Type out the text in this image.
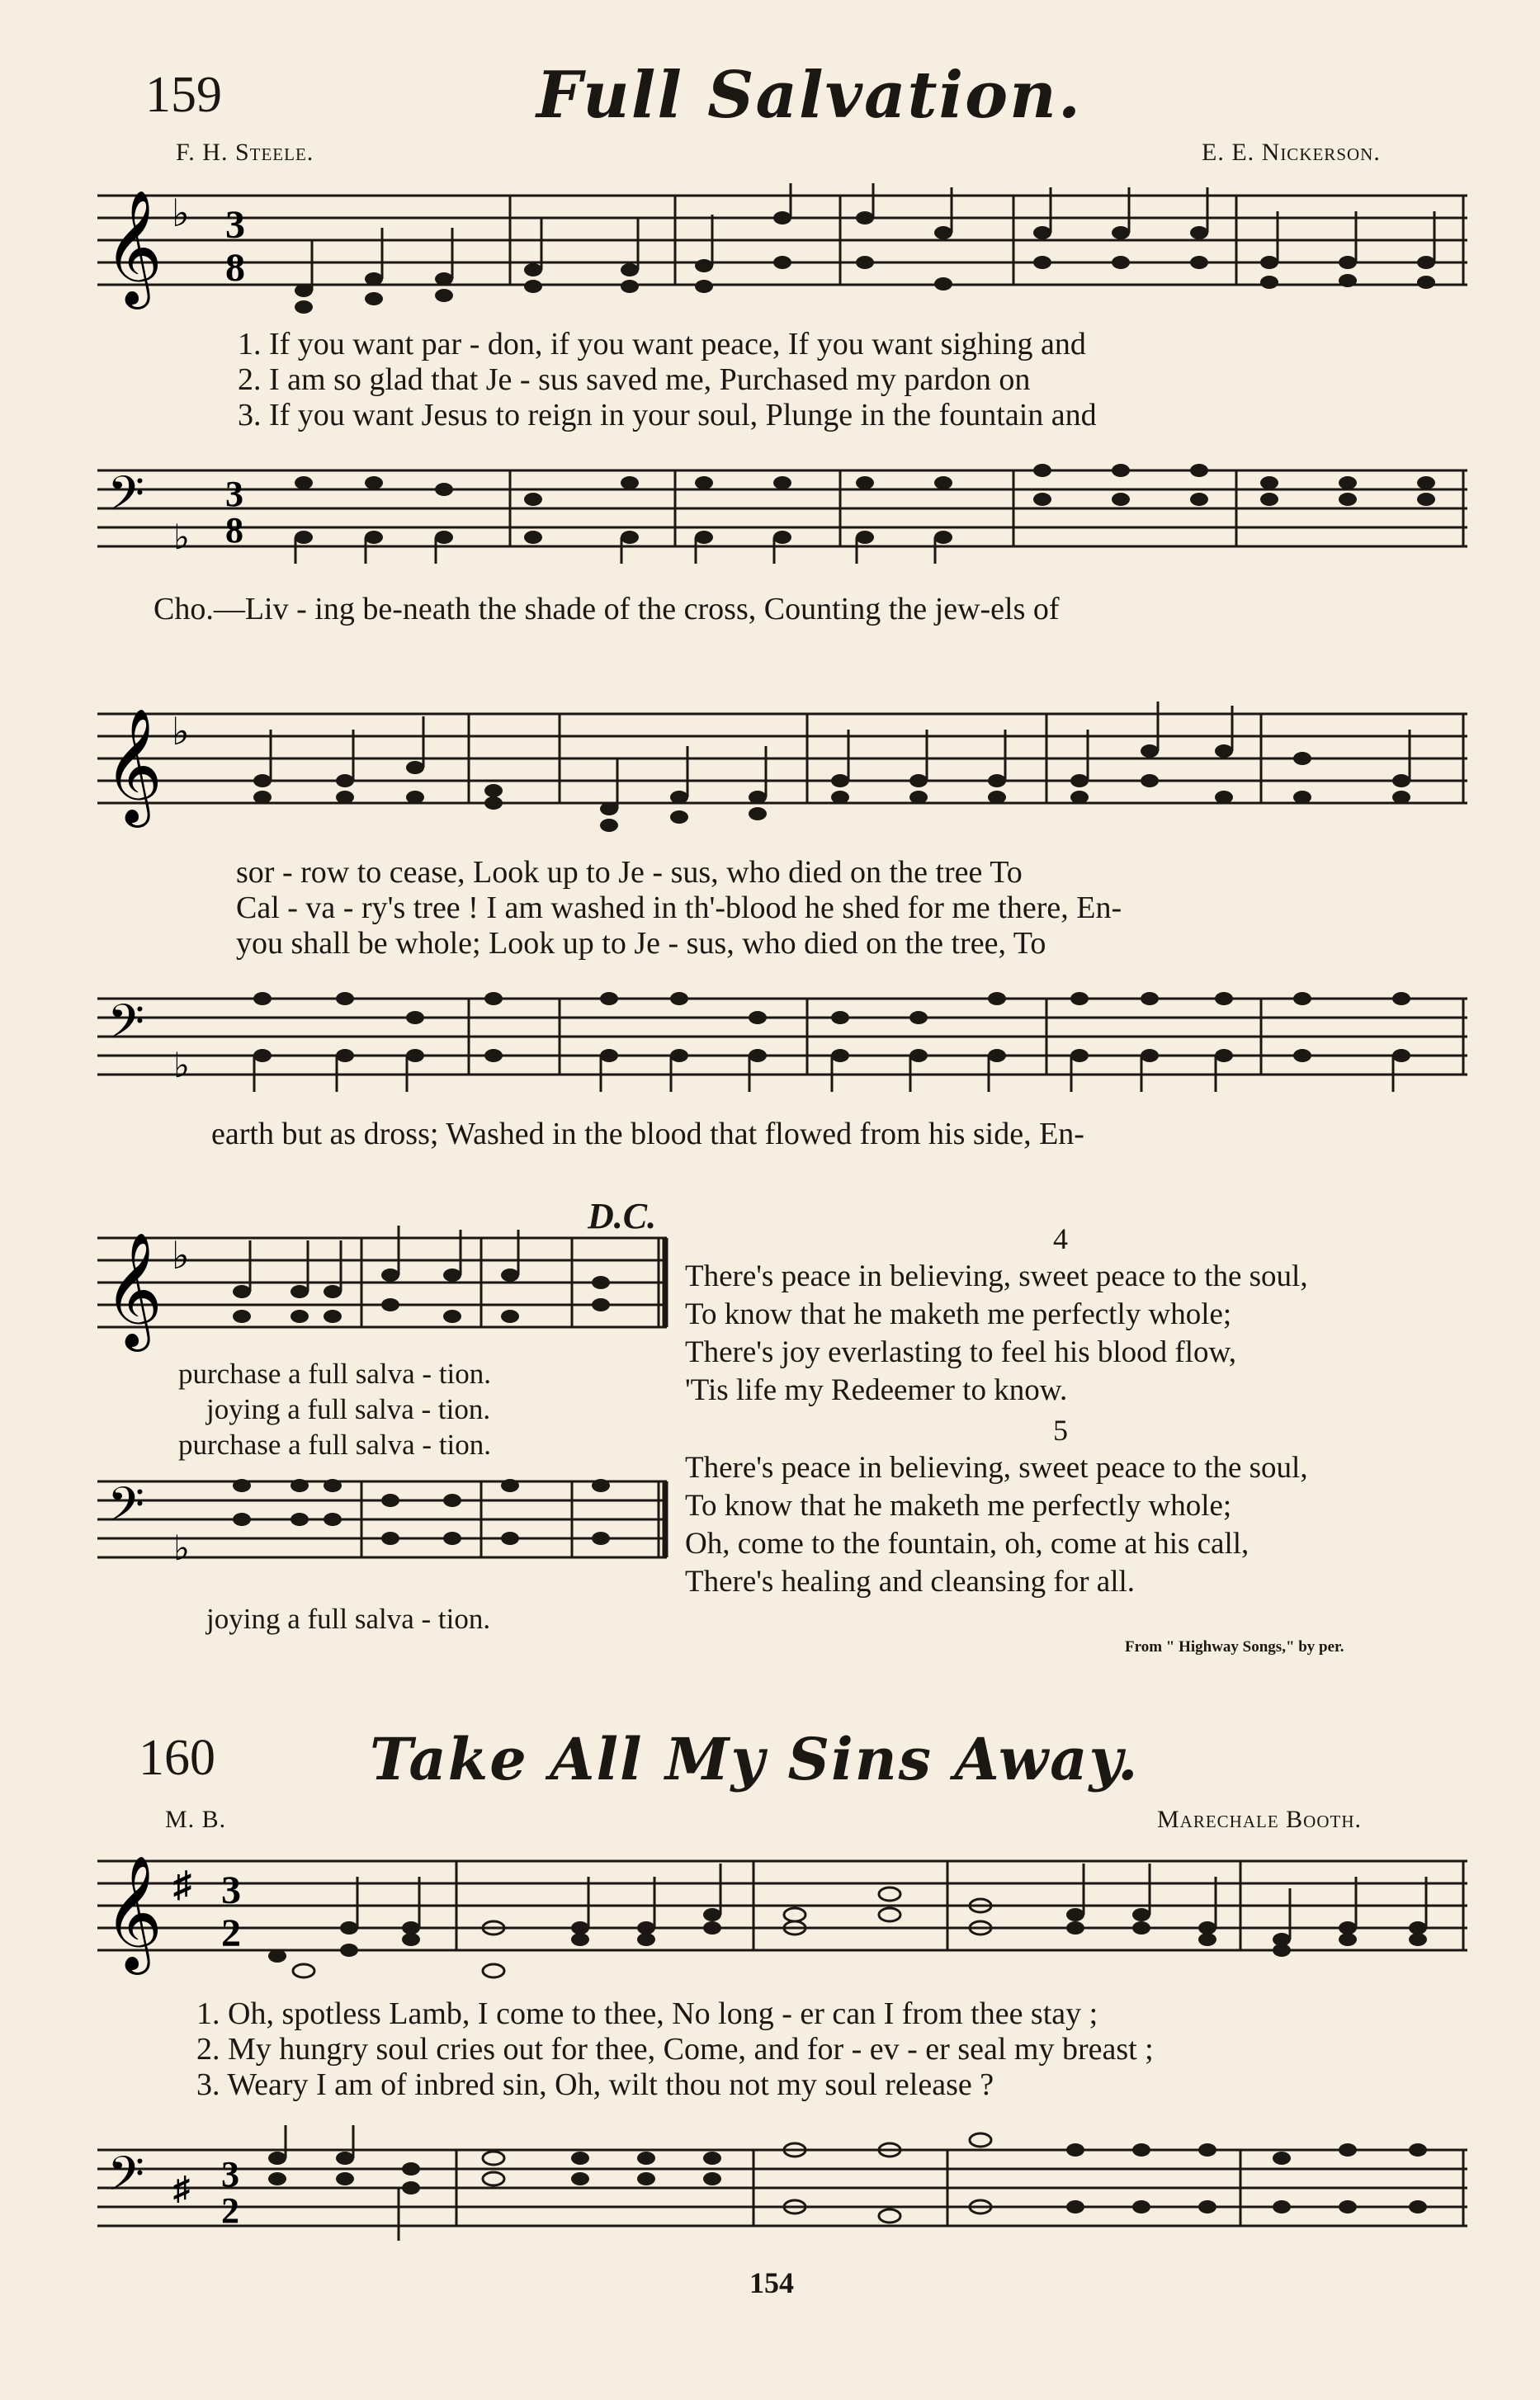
159	Full Salvation.
F. H. Steele.	E. E. Nickerson.
𝄞 ♭ 3
8
1. If you want par - don, if you want peace, If you want sighing and
2. I am so glad that Je - sus saved me, Purchased my pardon on
3. If you want Jesus to reign in your soul, Plunge in the fountain and
𝄢
♭
3
8
Cho.—Liv - ing be-neath the shade of the cross, Counting the jew-els of
𝄞 ♭
sor - row to cease, Look up to Je - sus, who died on the tree To
Cal - va - ry's tree ! I am washed in th'-blood he shed for me there, En-
you shall be whole; Look up to Je - sus, who died on the tree, To
𝄢
♭
earth but as dross; Washed in the blood that flowed from his side, En-
D.C.
𝄞 ♭
purchase a full salva - tion.
joying a full salva - tion.
purchase a full salva - tion.
𝄢
♭
joying a full salva - tion.
4
There's peace in believing, sweet peace to the soul,
To know that he maketh me perfectly whole;
There's joy everlasting to feel his blood flow,
'Tis life my Redeemer to know.
5
There's peace in believing, sweet peace to the soul,
To know that he maketh me perfectly whole;
Oh, come to the fountain, oh, come at his call,
There's healing and cleansing for all.
From " Highway Songs," by per.
160	Take All My Sins Away.
M. B.	Marechale Booth.
𝄞 ♯ 3
2
1. Oh, spotless Lamb, I come to thee, No long - er can I from thee stay ;
2. My hungry soul cries out for thee, Come, and for - ev - er seal my breast ;
3. Weary I am of inbred sin, Oh, wilt thou not my soul release ?
𝄢 ♯ 3
2
154
